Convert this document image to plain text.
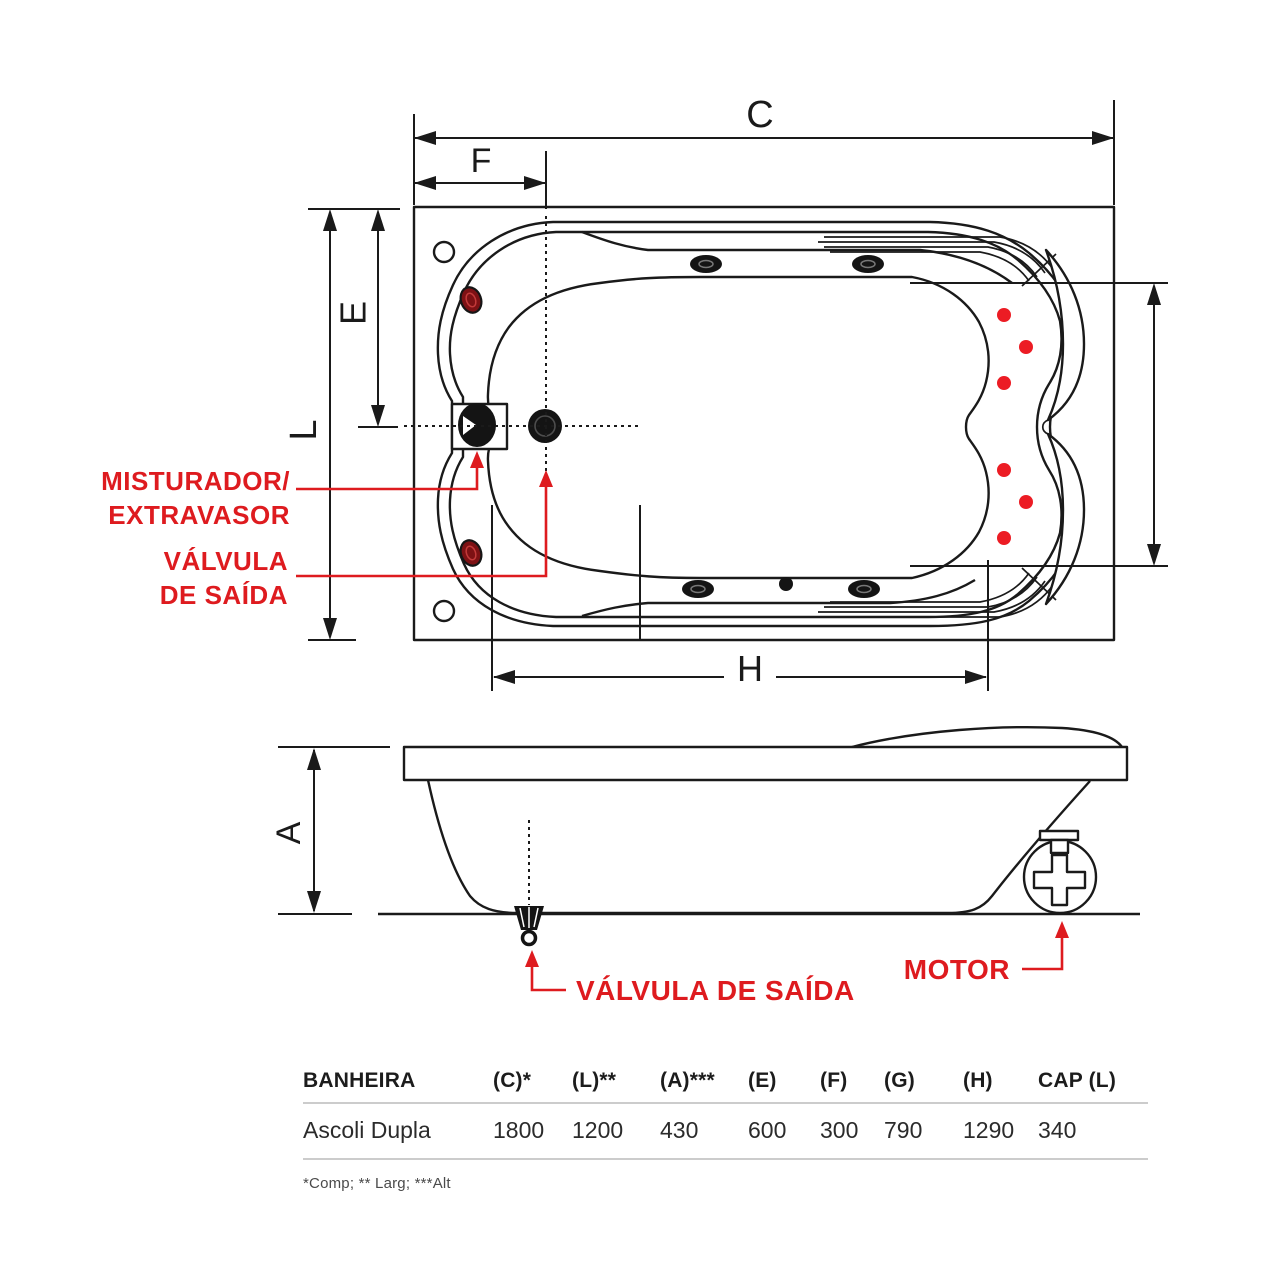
C
F
L
E
H
MISTURADOR/
EXTRAVASOR
VÁLVULA
DE SAÍDA
A
VÁLVULA DE SAÍDA
MOTOR
BANHEIRA	(C)*	(L)**	(A)***	(E)	(F)	(G)	(H)	CAP (L)
Ascoli Dupla	1800	1200	430	600	300	790	1290	340
*Comp; ** Larg; ***Alt
